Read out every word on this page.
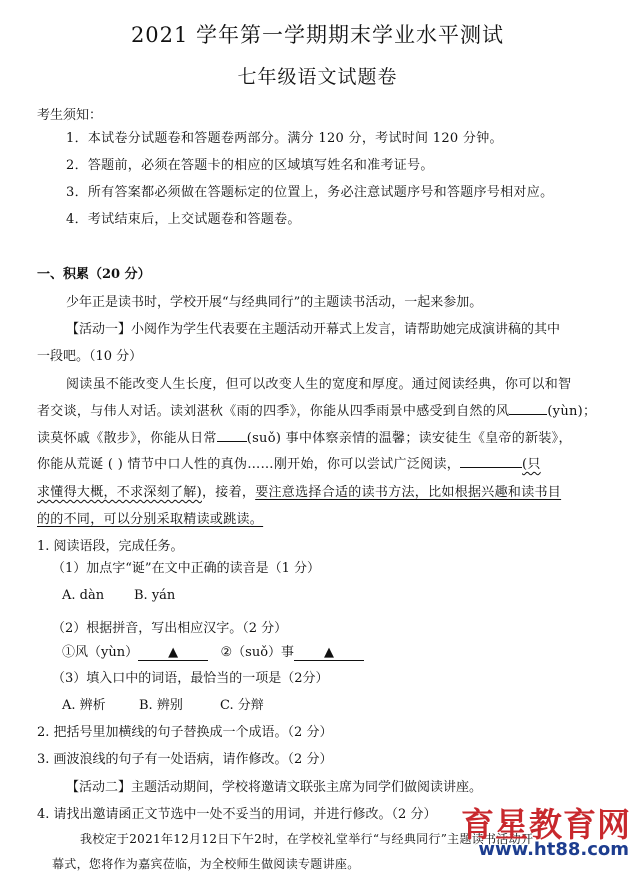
2021 学年第一学期期末学业水平测试
七年级语文试题卷
考生须知：
1．本试卷分试题卷和答题卷两部分。满分 120 分，考试时间 120 分钟。
2．答题前，必须在答题卡的相应的区域填写姓名和准考证号。
3．所有答案都必须做在答题标定的位置上，务必注意试题序号和答题序号相对应。
4．考试结束后，上交试题卷和答题卷。
一、积累（20 分）
少年正是读书时，学校开展“与经典同行”的主题读书活动，一起来参加。
【活动一】小阅作为学生代表要在主题活动开幕式上发言，请帮助她完成演讲稿的其中
一段吧。（10 分）
阅读虽不能改变人生长度，但可以改变人生的宽度和厚度。通过阅读经典，你可以和智
者交谈，与伟人对话。读刘湛秋《雨的四季》，你能从四季雨景中感受到自然的风	(yùn)；
读莫怀戚《散步》，你能从日常 (suǒ) 事中体察亲情的温馨；读安徒生《皇帝的新装》，
你能从荒诞 ( ) 情节中口人性的真伪……刚开始，你可以尝试广泛阅读，	(只
求懂得大概，不求深刻了解)，接着，要注意选择合适的读书方法，比如根据兴趣和读书目
的的不同，可以分别采取精读或跳读。
1. 阅读语段，完成任务。
（1）加点字“诞”在文中正确的读音是（1 分）
A. dàn B. yán
（2）根据拼音，写出相应汉字。（2 分）
①风（yùn） ▲	②（suǒ）事 ▲
（3）填入口中的词语，最恰当的一项是（2分）
A. 辨析	B. 辨别	C. 分辩
2. 把括号里加横线的句子替换成一个成语。（2 分）
3. 画波浪线的句子有一处语病，请作修改。（2 分）
【活动二】主题活动期间，学校将邀请文联张主席为同学们做阅读讲座。
4. 请找出邀请函正文节选中一处不妥当的用词，并进行修改。（2 分）
我校定于2021年12月12日下午2时，在学校礼堂举行“与经典同行”主题读书活动开
幕式，您将作为嘉宾莅临，为全校师生做阅读专题讲座。
育星教育网
www.ht88.com
